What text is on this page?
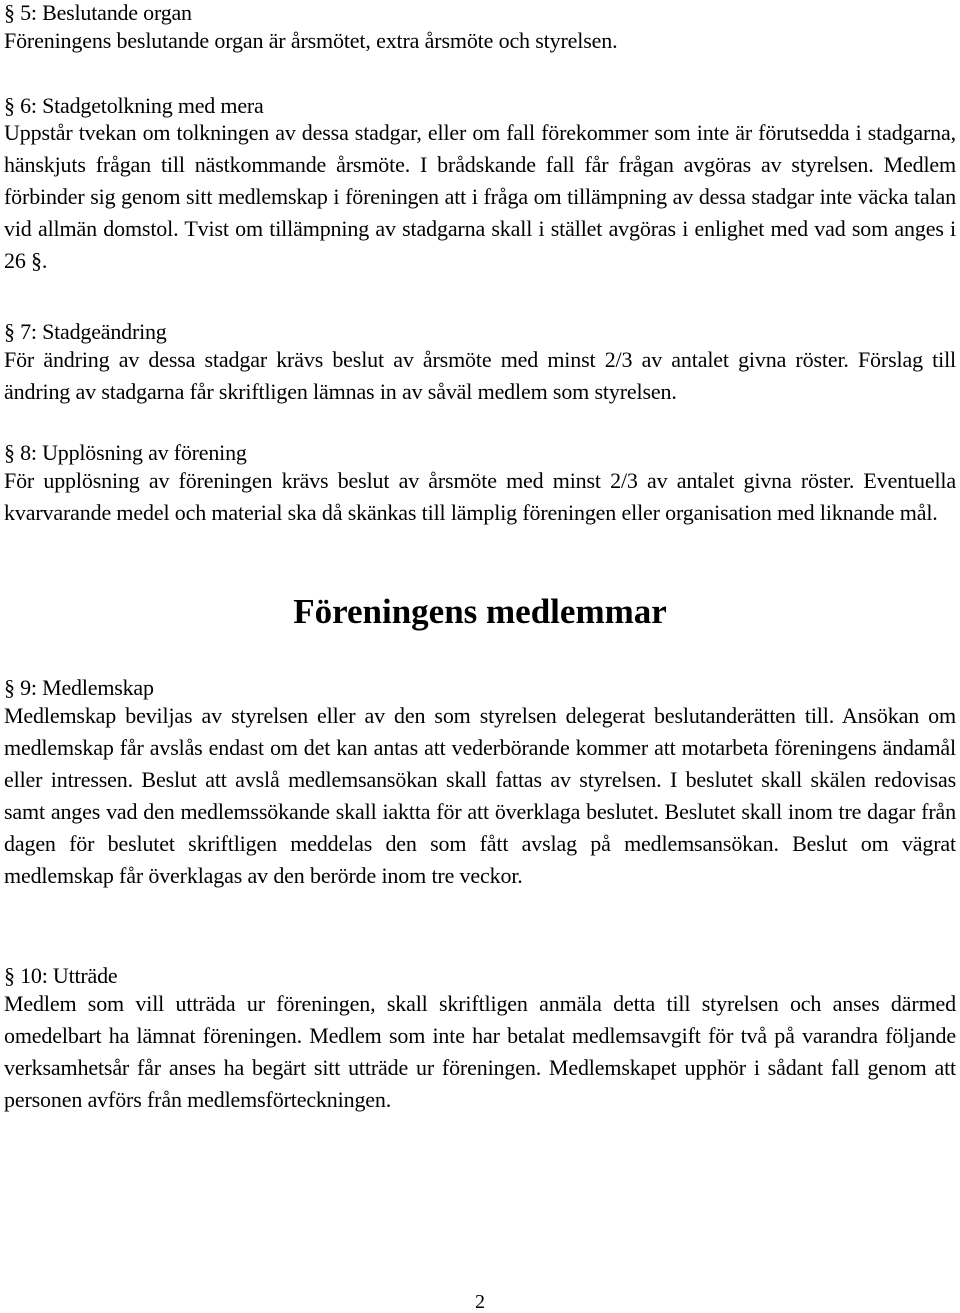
§ 5: Beslutande organ

Föreningens beslutande organ är årsmötet, extra årsmöte och styrelsen.

§ 6: Stadgetolkning med mera

Uppstår tvekan om tolkningen av dessa stadgar, eller om fall förekommer som inte är förutsedda i stadgarna, hänskjuts frågan till nästkommande årsmöte. I brådskande fall får frågan avgöras av styrelsen. Medlem förbinder sig genom sitt medlemskap i föreningen att i fråga om tillämpning av dessa stadgar inte väcka talan vid allmän domstol. Tvist om tillämpning av stadgarna skall i stället avgöras i enlighet med vad som anges i 26 §.

§ 7: Stadgeändring

För ändring av dessa stadgar krävs beslut av årsmöte med minst 2/3 av antalet givna röster. Förslag till ändring av stadgarna får skriftligen lämnas in av såväl medlem som styrelsen.

§ 8: Upplösning av förening

För upplösning av föreningen krävs beslut av årsmöte med minst 2/3 av antalet givna röster. Eventuella kvarvarande medel och material ska då skänkas till lämplig föreningen eller organisation med liknande mål.

Föreningens medlemmar

§ 9: Medlemskap

Medlemskap beviljas av styrelsen eller av den som styrelsen delegerat beslutanderätten till. Ansökan om medlemskap får avslås endast om det kan antas att vederbörande kommer att motarbeta föreningens ändamål eller intressen. Beslut att avslå medlemsansökan skall fattas av styrelsen. I beslutet skall skälen redovisas samt anges vad den medlemssökande skall iaktta för att överklaga beslutet. Beslutet skall inom tre dagar från dagen för beslutet skriftligen meddelas den som fått avslag på medlemsansökan. Beslut om vägrat medlemskap får överklagas av den berörde inom tre veckor.

§ 10: Utträde

Medlem som vill utträda ur föreningen, skall skriftligen anmäla detta till styrelsen och anses därmed omedelbart ha lämnat föreningen. Medlem som inte har betalat medlemsavgift för två på varandra följande verksamhetsår får anses ha begärt sitt utträde ur föreningen. Medlemskapet upphör i sådant fall genom att personen avförs från medlemsförteckningen.

2
